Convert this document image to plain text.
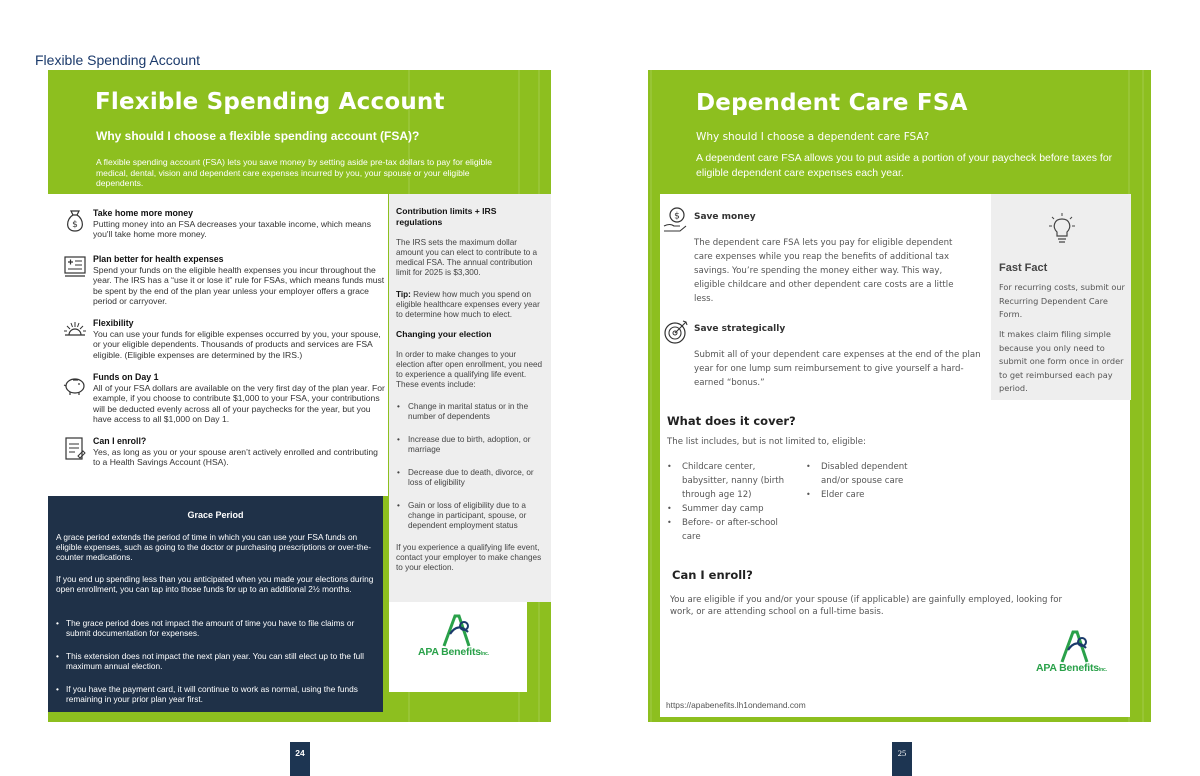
Flexible Spending Account
Flexible Spending Account
Why should I choose a flexible spending account (FSA)?

A flexible spending account (FSA) lets you save money by setting aside pre-tax dollars to pay for eligible medical, dental, vision and dependent care expenses incurred by you, your spouse or your eligible dependents.

$
Take home more money
Putting money into an FSA decreases your taxable income, which means you'll take home more money.
Plan better for health expenses
Spend your funds on the eligible health expenses you incur throughout the year. The IRS has a “use it or lose it” rule for FSAs, which means funds must be spent by the end of the plan year unless your employer offers a grace period or carryover.
Flexibility
You can use your funds for eligible expenses occurred by you, your spouse, or your eligible dependents. Thousands of products and services are FSA eligible. (Eligible expenses are determined by the IRS.)
Funds on Day 1
All of your FSA dollars are available on the very first day of the plan year. For example, if you choose to contribute $1,000 to your FSA, your contributions will be deducted evenly across all of your paychecks for the year, but you have access to all $1,000 on Day 1.
Can I enroll?
Yes, as long as you or your spouse aren’t actively enrolled and contributing to a Health Savings Account (HSA).
Contribution limits + IRS regulations
The IRS sets the maximum dollar amount you can elect to contribute to a medical FSA. The annual contribution limit for 2025 is $3,300.
Tip: Review how much you spend on eligible healthcare expenses every year to determine how much to elect.
Changing your election
In order to make changes to your election after open enrollment, you need to experience a qualifying life event. These events include:
• Change in marital status or in the number of dependents
• Increase due to birth, adoption, or marriage
• Decrease due to death, divorce, or loss of eligibility
• Gain or loss of eligibility due to a change in participant, spouse, or dependent employment status
If you experience a qualifying life event, contact your employer to make changes to your election.
APA BenefitsInc.
Grace Period

A grace period extends the period of time in which you can use your FSA funds on eligible expenses, such as going to the doctor or purchasing prescriptions or over-the-counter medications.

If you end up spending less than you anticipated when you made your elections during open enrollment, you can tap into those funds for up to an additional 2½ months.

• The grace period does not impact the amount of time you have to file claims or submit documentation for expenses.
• This extension does not impact the next plan year. You can still elect up to the full maximum annual election.
• If you have the payment card, it will continue to work as normal, using the funds remaining in your prior plan year first.
Dependent Care FSA
Why should I choose a dependent care FSA?

A dependent care FSA allows you to put aside a portion of your paycheck before taxes for eligible dependent care expenses each year.

$ Save money
The dependent care FSA lets you pay for eligible dependent care expenses while you reap the benefits of additional tax savings. You’re spending the money either way. This way, eligible childcare and other dependent care costs are a little less.
Save strategically
Submit all of your dependent care expenses at the end of the plan year for one lump sum reimbursement to give yourself a hard-earned “bonus.”
Fast Fact

For recurring costs, submit our Recurring Dependent Care Form.

It makes claim filing simple because you only need to submit one form once in order to get reimbursed each pay period.

What does it cover?
The list includes, but is not limited to, eligible:
• Childcare center, babysitter, nanny (birth through age 12)
• Summer day camp
• Before- or after-school care
• Disabled dependent and/or spouse care
• Elder care
Can I enroll?
You are eligible if you and/or your spouse (if applicable) are gainfully employed, looking for work, or are attending school on a full-time basis.
APA BenefitsInc.
https://apabenefits.lh1ondemand.com
24	25
